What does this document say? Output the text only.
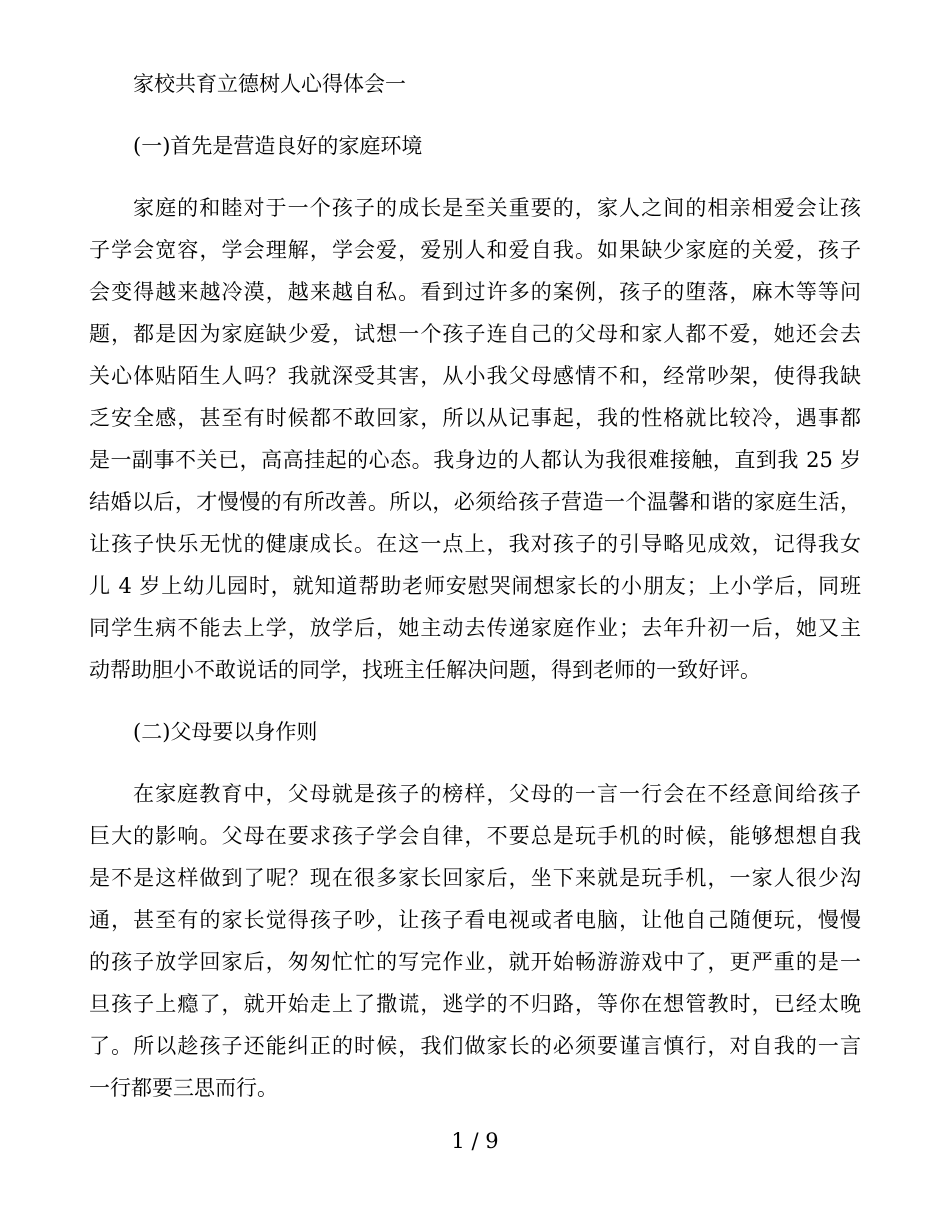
家校共育立德树人心得体会一
(一)首先是营造良好的家庭环境
家庭的和睦对于一个孩子的成长是至关重要的，家人之间的相亲相爱会让孩
子学会宽容，学会理解，学会爱，爱别人和爱自我。如果缺少家庭的关爱，孩子
会变得越来越冷漠，越来越自私。看到过许多的案例，孩子的堕落，麻木等等问
题，都是因为家庭缺少爱，试想一个孩子连自己的父母和家人都不爱，她还会去
关心体贴陌生人吗？我就深受其害，从小我父母感情不和，经常吵架，使得我缺
乏安全感，甚至有时候都不敢回家，所以从记事起，我的性格就比较冷，遇事都
是一副事不关已，高高挂起的心态。我身边的人都认为我很难接触，直到我 25 岁
结婚以后，才慢慢的有所改善。所以，必须给孩子营造一个温馨和谐的家庭生活，
让孩子快乐无忧的健康成长。在这一点上，我对孩子的引导略见成效，记得我女
儿 4 岁上幼儿园时，就知道帮助老师安慰哭闹想家长的小朋友；上小学后，同班
同学生病不能去上学，放学后，她主动去传递家庭作业；去年升初一后，她又主
动帮助胆小不敢说话的同学，找班主任解决问题，得到老师的一致好评。
(二)父母要以身作则
在家庭教育中，父母就是孩子的榜样，父母的一言一行会在不经意间给孩子
巨大的影响。父母在要求孩子学会自律，不要总是玩手机的时候，能够想想自我
是不是这样做到了呢？现在很多家长回家后，坐下来就是玩手机，一家人很少沟
通，甚至有的家长觉得孩子吵，让孩子看电视或者电脑，让他自己随便玩，慢慢
的孩子放学回家后，匆匆忙忙的写完作业，就开始畅游游戏中了，更严重的是一
旦孩子上瘾了，就开始走上了撒谎，逃学的不归路，等你在想管教时，已经太晚
了。所以趁孩子还能纠正的时候，我们做家长的必须要谨言慎行，对自我的一言
一行都要三思而行。
1 / 9
